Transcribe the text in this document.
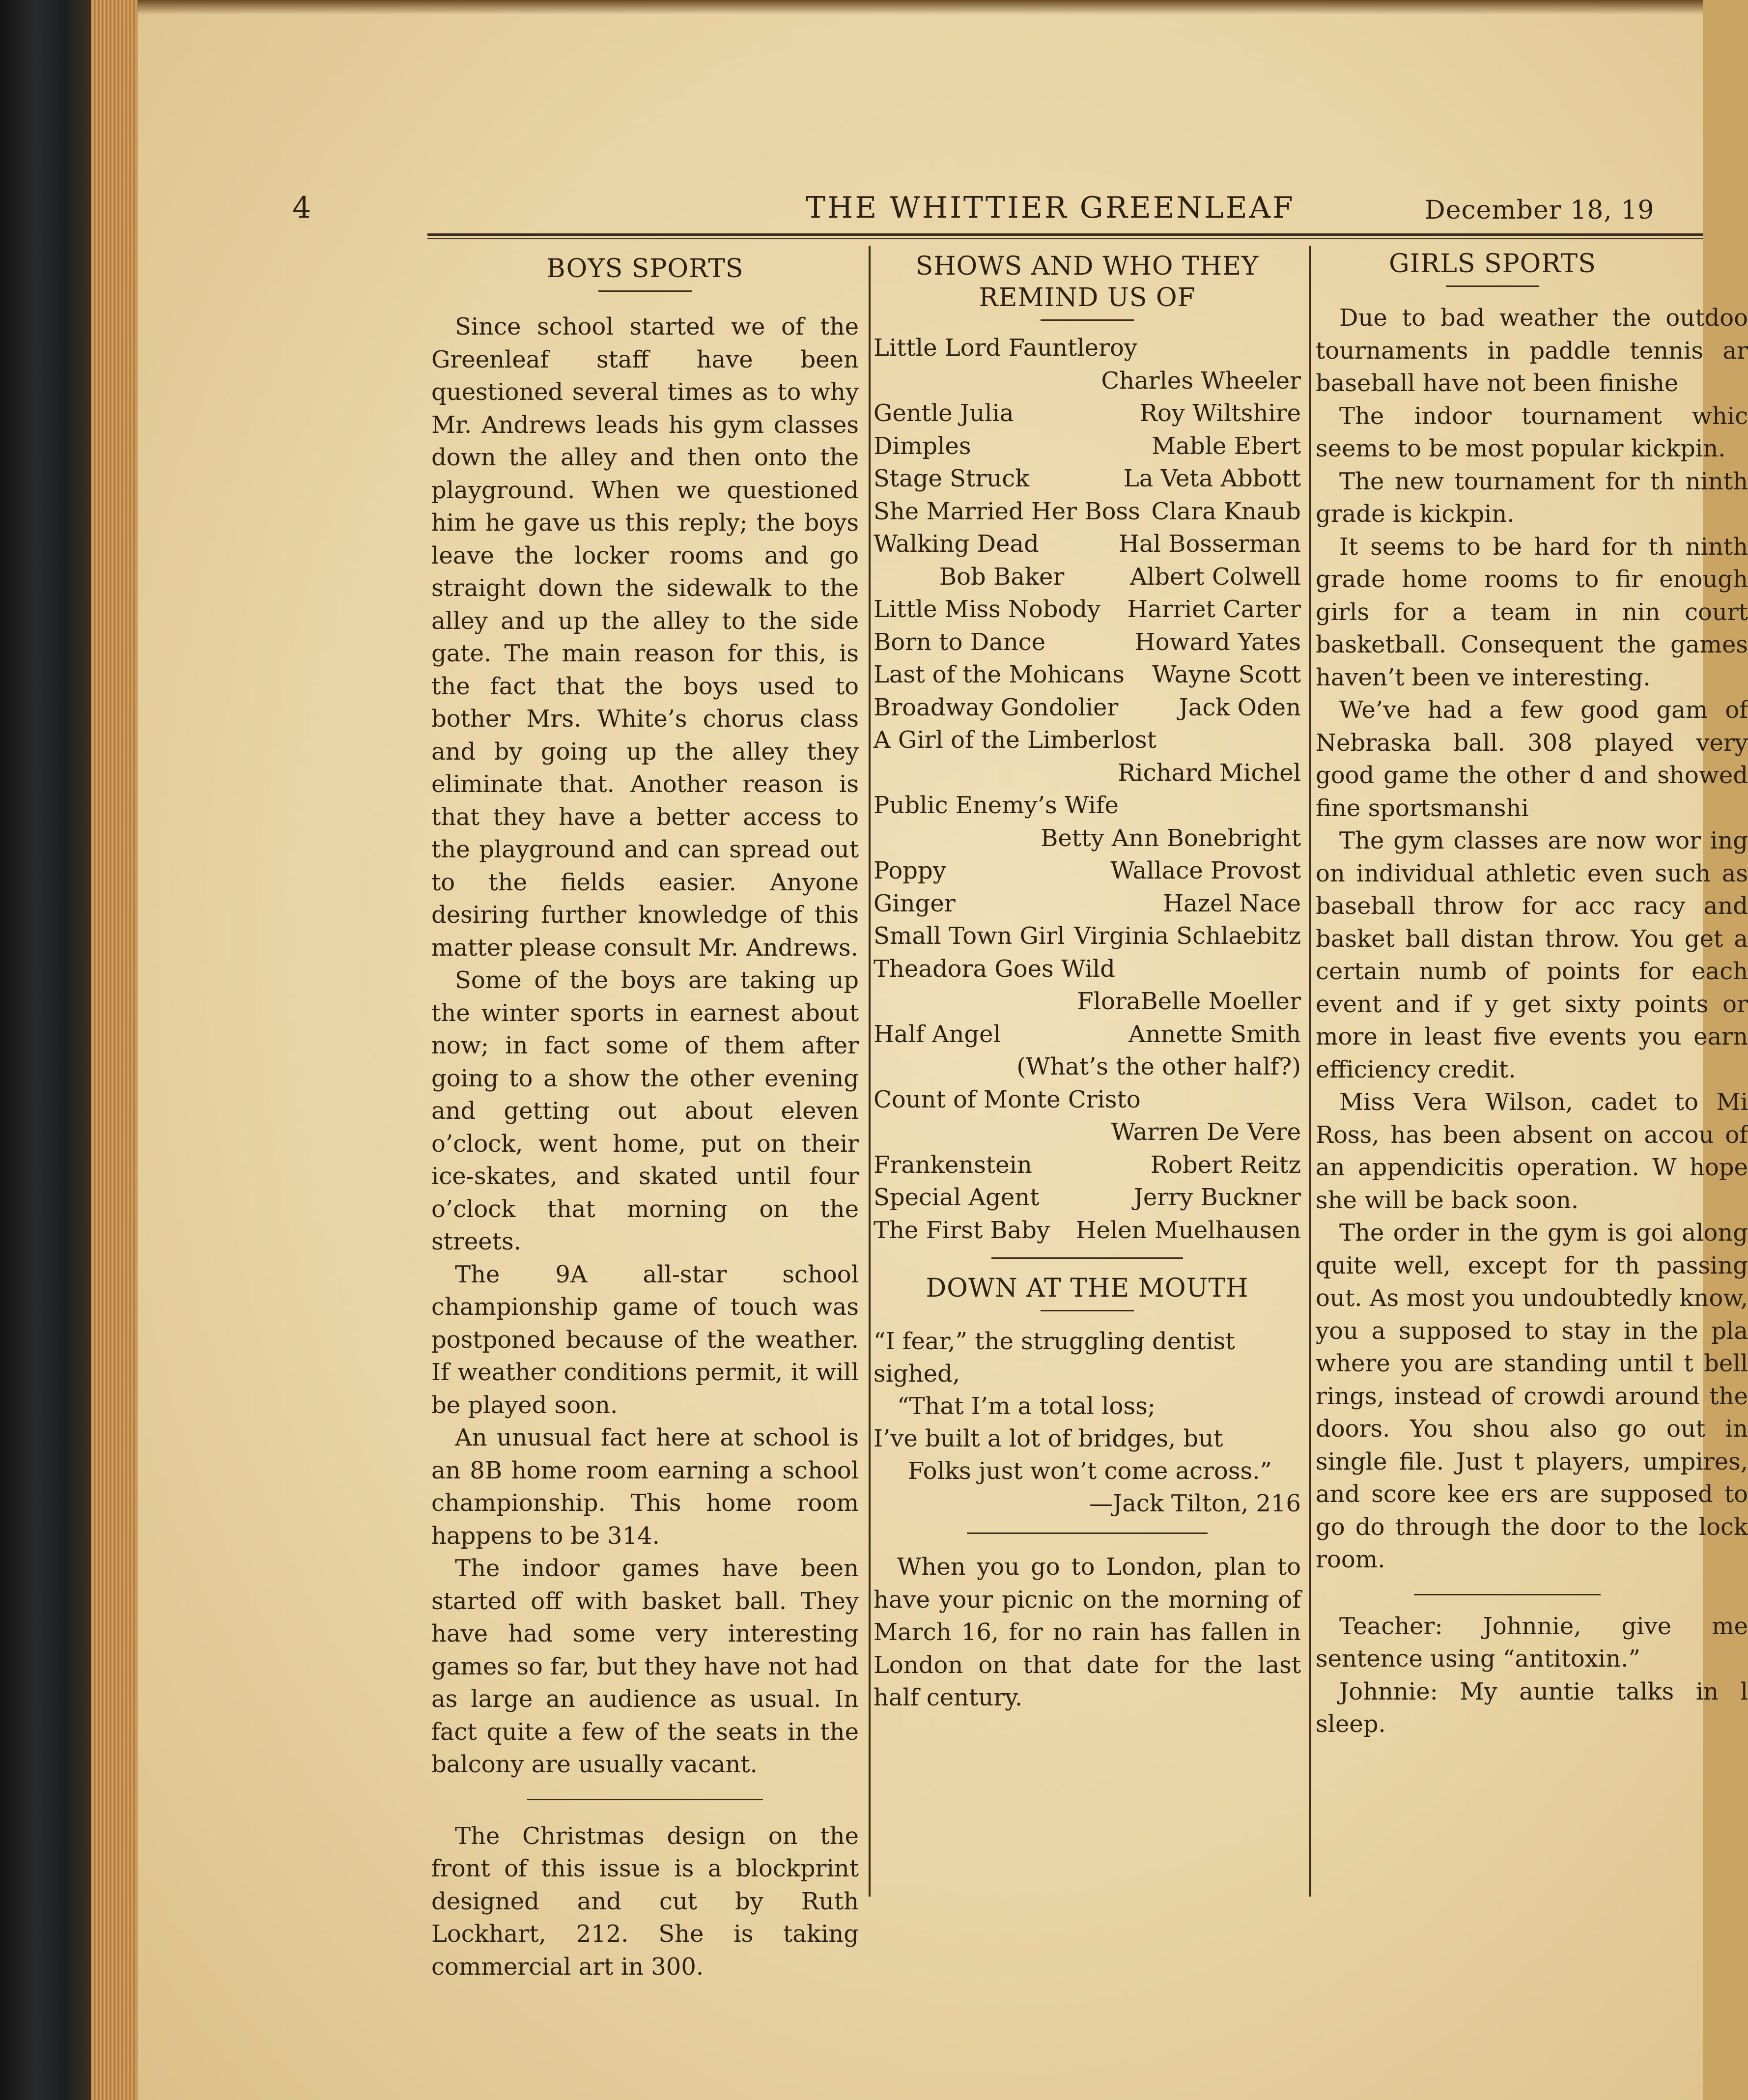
4	THE WHITTIER GREENLEAF	December 18, 19
BOYS SPORTS

Since school started we of the Greenleaf staff have been questioned several times as to why Mr. Andrews leads his gym classes down the alley and then onto the playground. When we questioned him he gave us this reply; the boys leave the locker rooms and go straight down the sidewalk to the alley and up the alley to the side gate. The main reason for this, is the fact that the boys used to bother Mrs. White’s chorus class and by going up the alley they eliminate that. Another reason is that they have a better access to the playground and can spread out to the fields easier. Anyone desiring further knowledge of this matter please consult Mr. Andrews.

Some of the boys are taking up the winter sports in earnest about now; in fact some of them after going to a show the other evening and getting out about eleven o’clock, went home, put on their ice-skates, and skated until four o’clock that morning on the streets.

The 9A all-star school championship game of touch was postponed because of the weather. If weather conditions permit, it will be played soon.

An unusual fact here at school is an 8B home room earning a school championship. This home room happens to be 314.

The indoor games have been started off with basket ball. They have had some very interesting games so far, but they have not had as large an audience as usual. In fact quite a few of the seats in the balcony are usually vacant.

The Christmas design on the front of this issue is a blockprint designed and cut by Ruth Lockhart, 212. She is taking commercial art in 300.

SHOWS AND WHO THEY
REMIND US OF
Little Lord Fauntleroy
Charles Wheeler
Gentle Julia	Roy Wiltshire
Dimples	Mable Ebert
Stage Struck	La Veta Abbott
She Married Her Boss Clara Knaub
Walking Dead	Hal Bosserman
Bob Baker	Albert Colwell
Little Miss Nobody Harriet Carter
Born to Dance	Howard Yates
Last of the Mohicans Wayne Scott
Broadway Gondolier	Jack Oden
A Girl of the Limberlost
Richard Michel
Public Enemy’s Wife
Betty Ann Bonebright
Poppy	Wallace Provost
Ginger	Hazel Nace
Small Town Girl Virginia Schlaebitz
Theadora Goes Wild
FloraBelle Moeller
Half Angel	Annette Smith
(What’s the other half?)
Count of Monte Cristo
Warren De Vere
Frankenstein	Robert Reitz
Special Agent	Jerry Buckner
The First Baby Helen Muelhausen
DOWN AT THE MOUTH
“I fear,” the struggling dentist
sighed,
“That I’m a total loss;
I’ve built a lot of bridges, but
Folks just won’t come across.”
—Jack Tilton, 216

When you go to London, plan to have your picnic on the morning of March 16, for no rain has fallen in London on that date for the last half century.

GIRLS SPORTS

Due to bad weather the outdoo tournaments in paddle tennis ar baseball have not been finishe

The indoor tournament whic seems to be most popular kickpin.

The new tournament for th ninth grade is kickpin.

It seems to be hard for th ninth grade home rooms to fir enough girls for a team in nin court basketball. Consequent the games haven’t been ve interesting.

We’ve had a few good gam of Nebraska ball. 308 played very good game the other d and showed fine sportsmanshi

The gym classes are now wor ing on individual athletic even such as baseball throw for acc racy and basket ball distan throw. You get a certain numb of points for each event and if y get sixty points or more in least five events you earn efficiency credit.

Miss Vera Wilson, cadet to Mi Ross, has been absent on accou of an appendicitis operation. W hope she will be back soon.

The order in the gym is goi along quite well, except for th passing out. As most you undoubtedly know, you a supposed to stay in the pla where you are standing until t bell rings, instead of crowdi around the doors. You shou also go out in single file. Just t players, umpires, and score kee ers are supposed to go do through the door to the lock room.

Teacher: Johnnie, give me sentence using “antitoxin.”

Johnnie: My auntie talks in l sleep.
